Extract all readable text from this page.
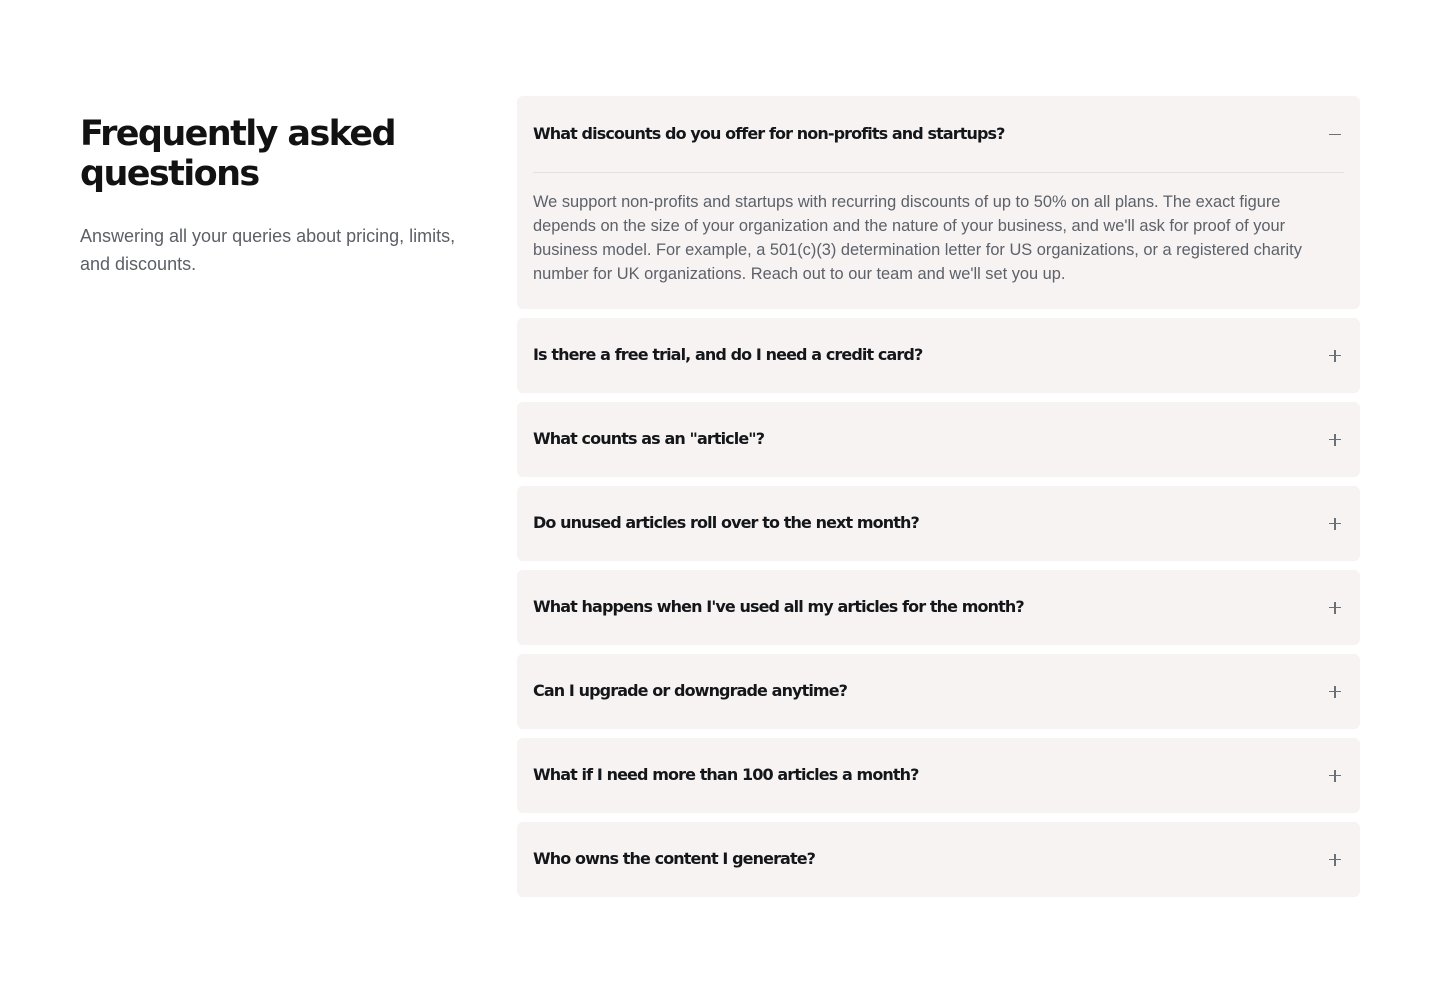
Frequently asked
questions

Answering all your queries about pricing, limits, and discounts.

What discounts do you offer for non-profits and startups?

We support non-profits and startups with recurring discounts of up to 50% on all plans. The exact figure depends on the size of your organization and the nature of your business, and we'll ask for proof of your business model. For example, a 501(c)(3) determination letter for US organizations, or a registered charity number for UK organizations. Reach out to our team and we'll set you up.

Is there a free trial, and do I need a credit card?
What counts as an "article"?
Do unused articles roll over to the next month?
What happens when I've used all my articles for the month?
Can I upgrade or downgrade anytime?
What if I need more than 100 articles a month?
Who owns the content I generate?
